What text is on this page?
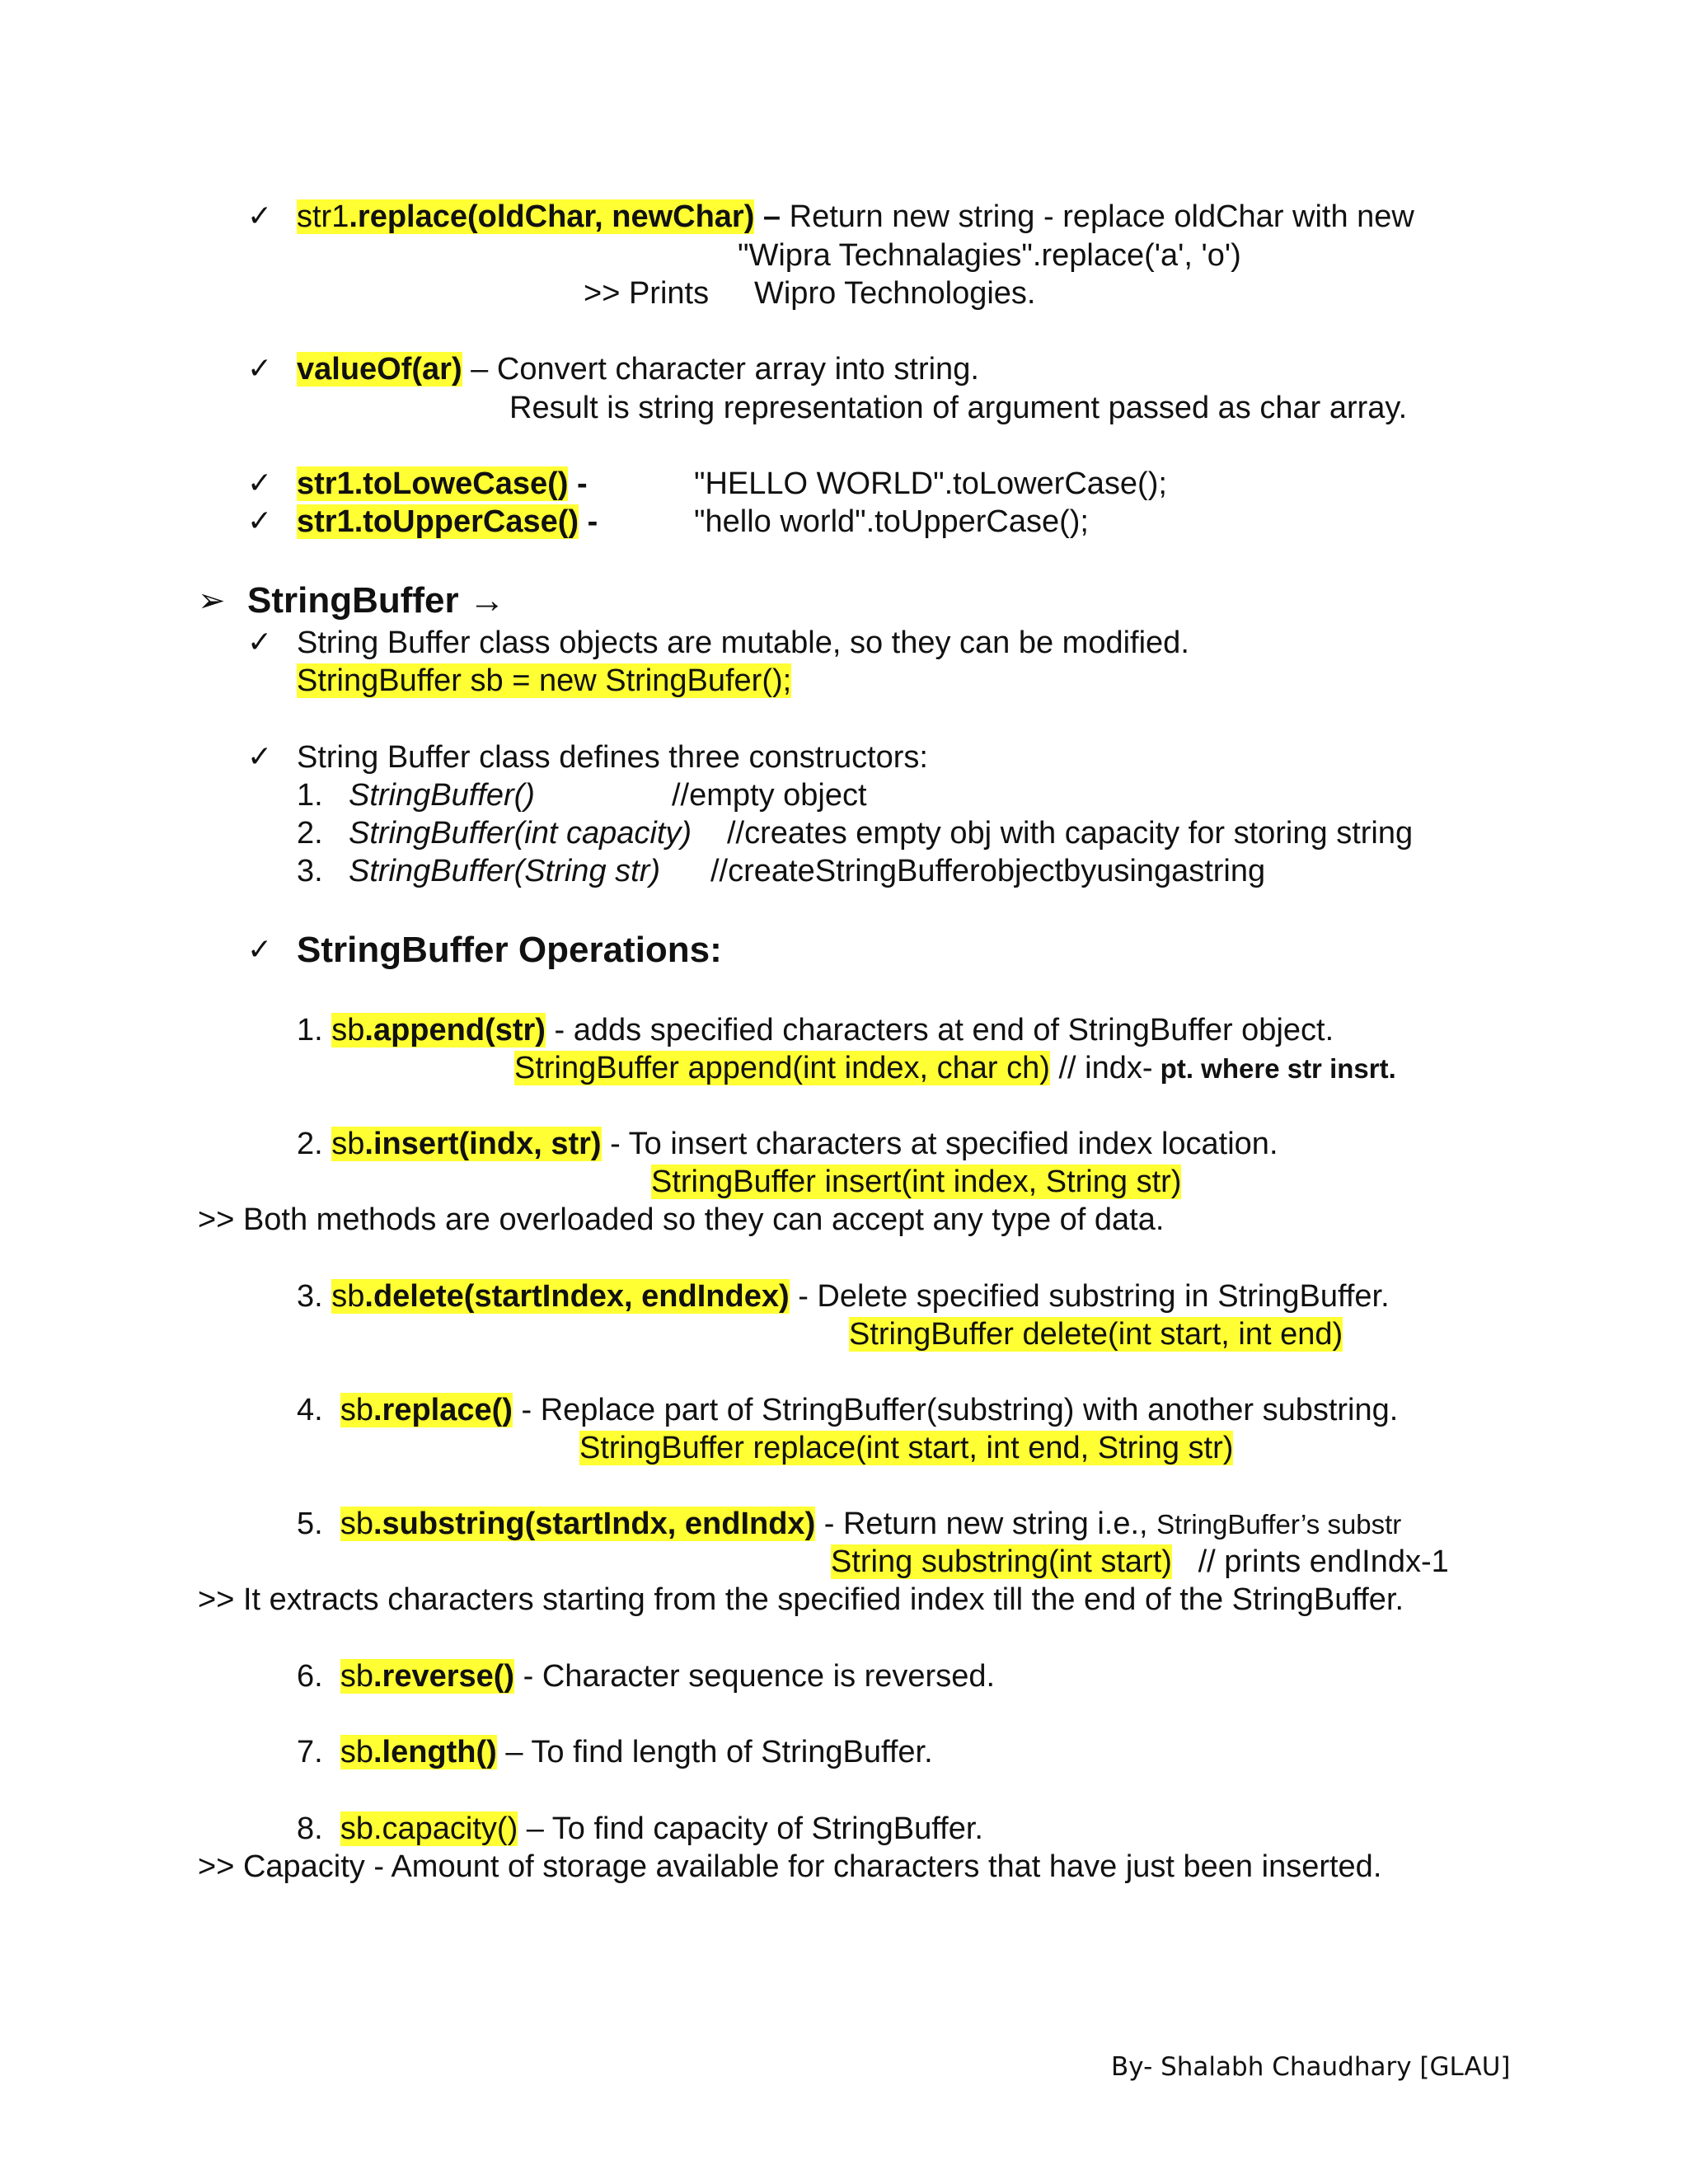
✓ str1.replace(oldChar, newChar) – Return new string - replace oldChar with new
"Wipra Technalagies".replace('a', 'o')
>> Prints Wipro Technologies.
✓ valueOf(ar) – Convert character array into string.
Result is string representation of argument passed as char array.
✓ str1.toLoweCase() -	"HELLO WORLD".toLowerCase();
✓ str1.toUpperCase() -	"hello world".toUpperCase();
➢ StringBuffer →
✓ String Buffer class objects are mutable, so they can be modified.
StringBuffer sb = new StringBufer();
✓ String Buffer class defines three constructors:
1. StringBuffer()	//empty object
2. StringBuffer(int capacity) //creates empty obj with capacity for storing string
3. StringBuffer(String str) //createStringBufferobjectbyusingastring
✓ StringBuffer Operations:
1. sb.append(str) - adds specified characters at end of StringBuffer object.
StringBuffer append(int index, char ch) // indx- pt. where str insrt.
2. sb.insert(indx, str) - To insert characters at specified index location.
StringBuffer insert(int index, String str)
>> Both methods are overloaded so they can accept any type of data.
3. sb.delete(startIndex, endIndex) - Delete specified substring in StringBuffer.
StringBuffer delete(int start, int end)
4. sb.replace() - Replace part of StringBuffer(substring) with another substring.
StringBuffer replace(int start, int end, String str)
5. sb.substring(startIndx, endIndx) - Return new string i.e., StringBuffer’s substr
String substring(int start)   // prints endIndx-1
>> It extracts characters starting from the specified index till the end of the StringBuffer.
6. sb.reverse() - Character sequence is reversed.
7. sb.length() – To find length of StringBuffer.
8. sb.capacity() – To find capacity of StringBuffer.
>> Capacity - Amount of storage available for characters that have just been inserted.
By- Shalabh Chaudhary [GLAU]
